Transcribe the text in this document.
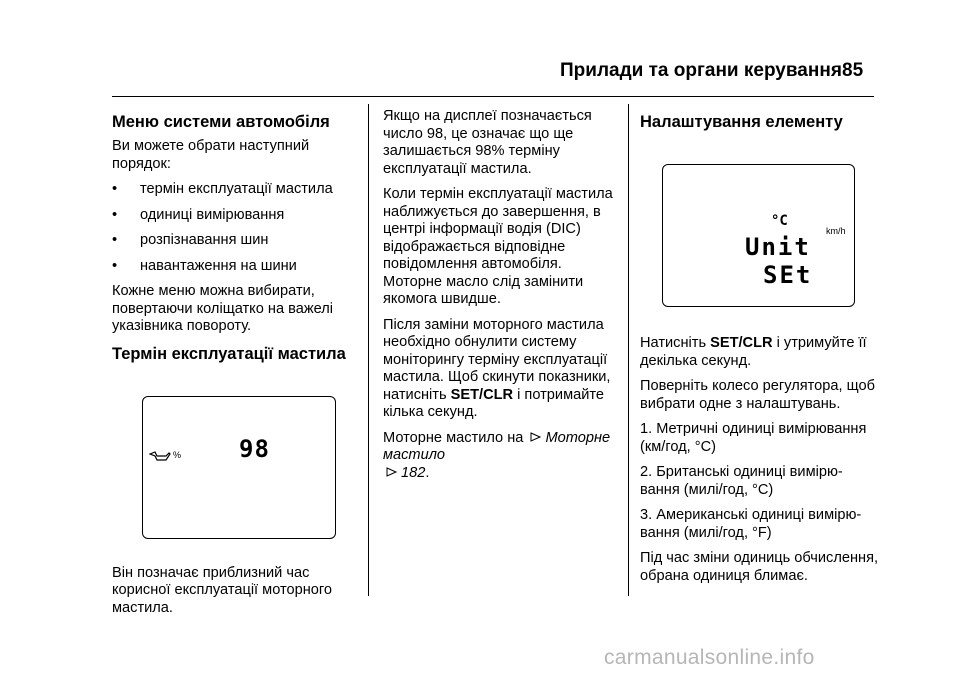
Прилади та органи керування 85
Меню системи автомобіля

Ви можете обрати наступний порядок:

• термін експлуатації мастила
• одиниці вимірювання
• розпізнавання шин
• навантаження на шини

Кожне меню можна вибирати, повертаючи коліщатко на важелі указівника повороту.

Термін експлуатації мастила
% 98

Він позначає приблизний час корисної експлуатації моторного мастила.

Якщо на дисплеї позначається число 98, це означає що ще залишається 98% терміну експлуатації мастила.

Коли термін експлуатації мастила наближується до завершення, в центрі інформації водія (DIC) відображається відповідне повідомлення автомобіля. Моторне масло слід замінити якомога швидше.

Після заміни моторного мастила необхідно обнулити систему моніторингу терміну експлуатації мастила. Щоб скинути показники, натисніть SET/CLR і потримайте кілька секунд.

Моторне мастило на Моторне мастило
182.

Налаштування елементу
°C
km/h
Unit
SEt

Натисніть SET/CLR і утримуйте її декілька секунд.

Поверніть колесо регулятора, щоб вибрати одне з налаштувань.

1. Метричні одиниці вимірювання (км/год, °C)

2. Британські одиниці вимірю-вання (милі/год, °C)

3. Американські одиниці вимірю-вання (милі/год, °F)

Під час зміни одиниць обчислення, обрана одиниця блимає.

carmanualsonline.info
